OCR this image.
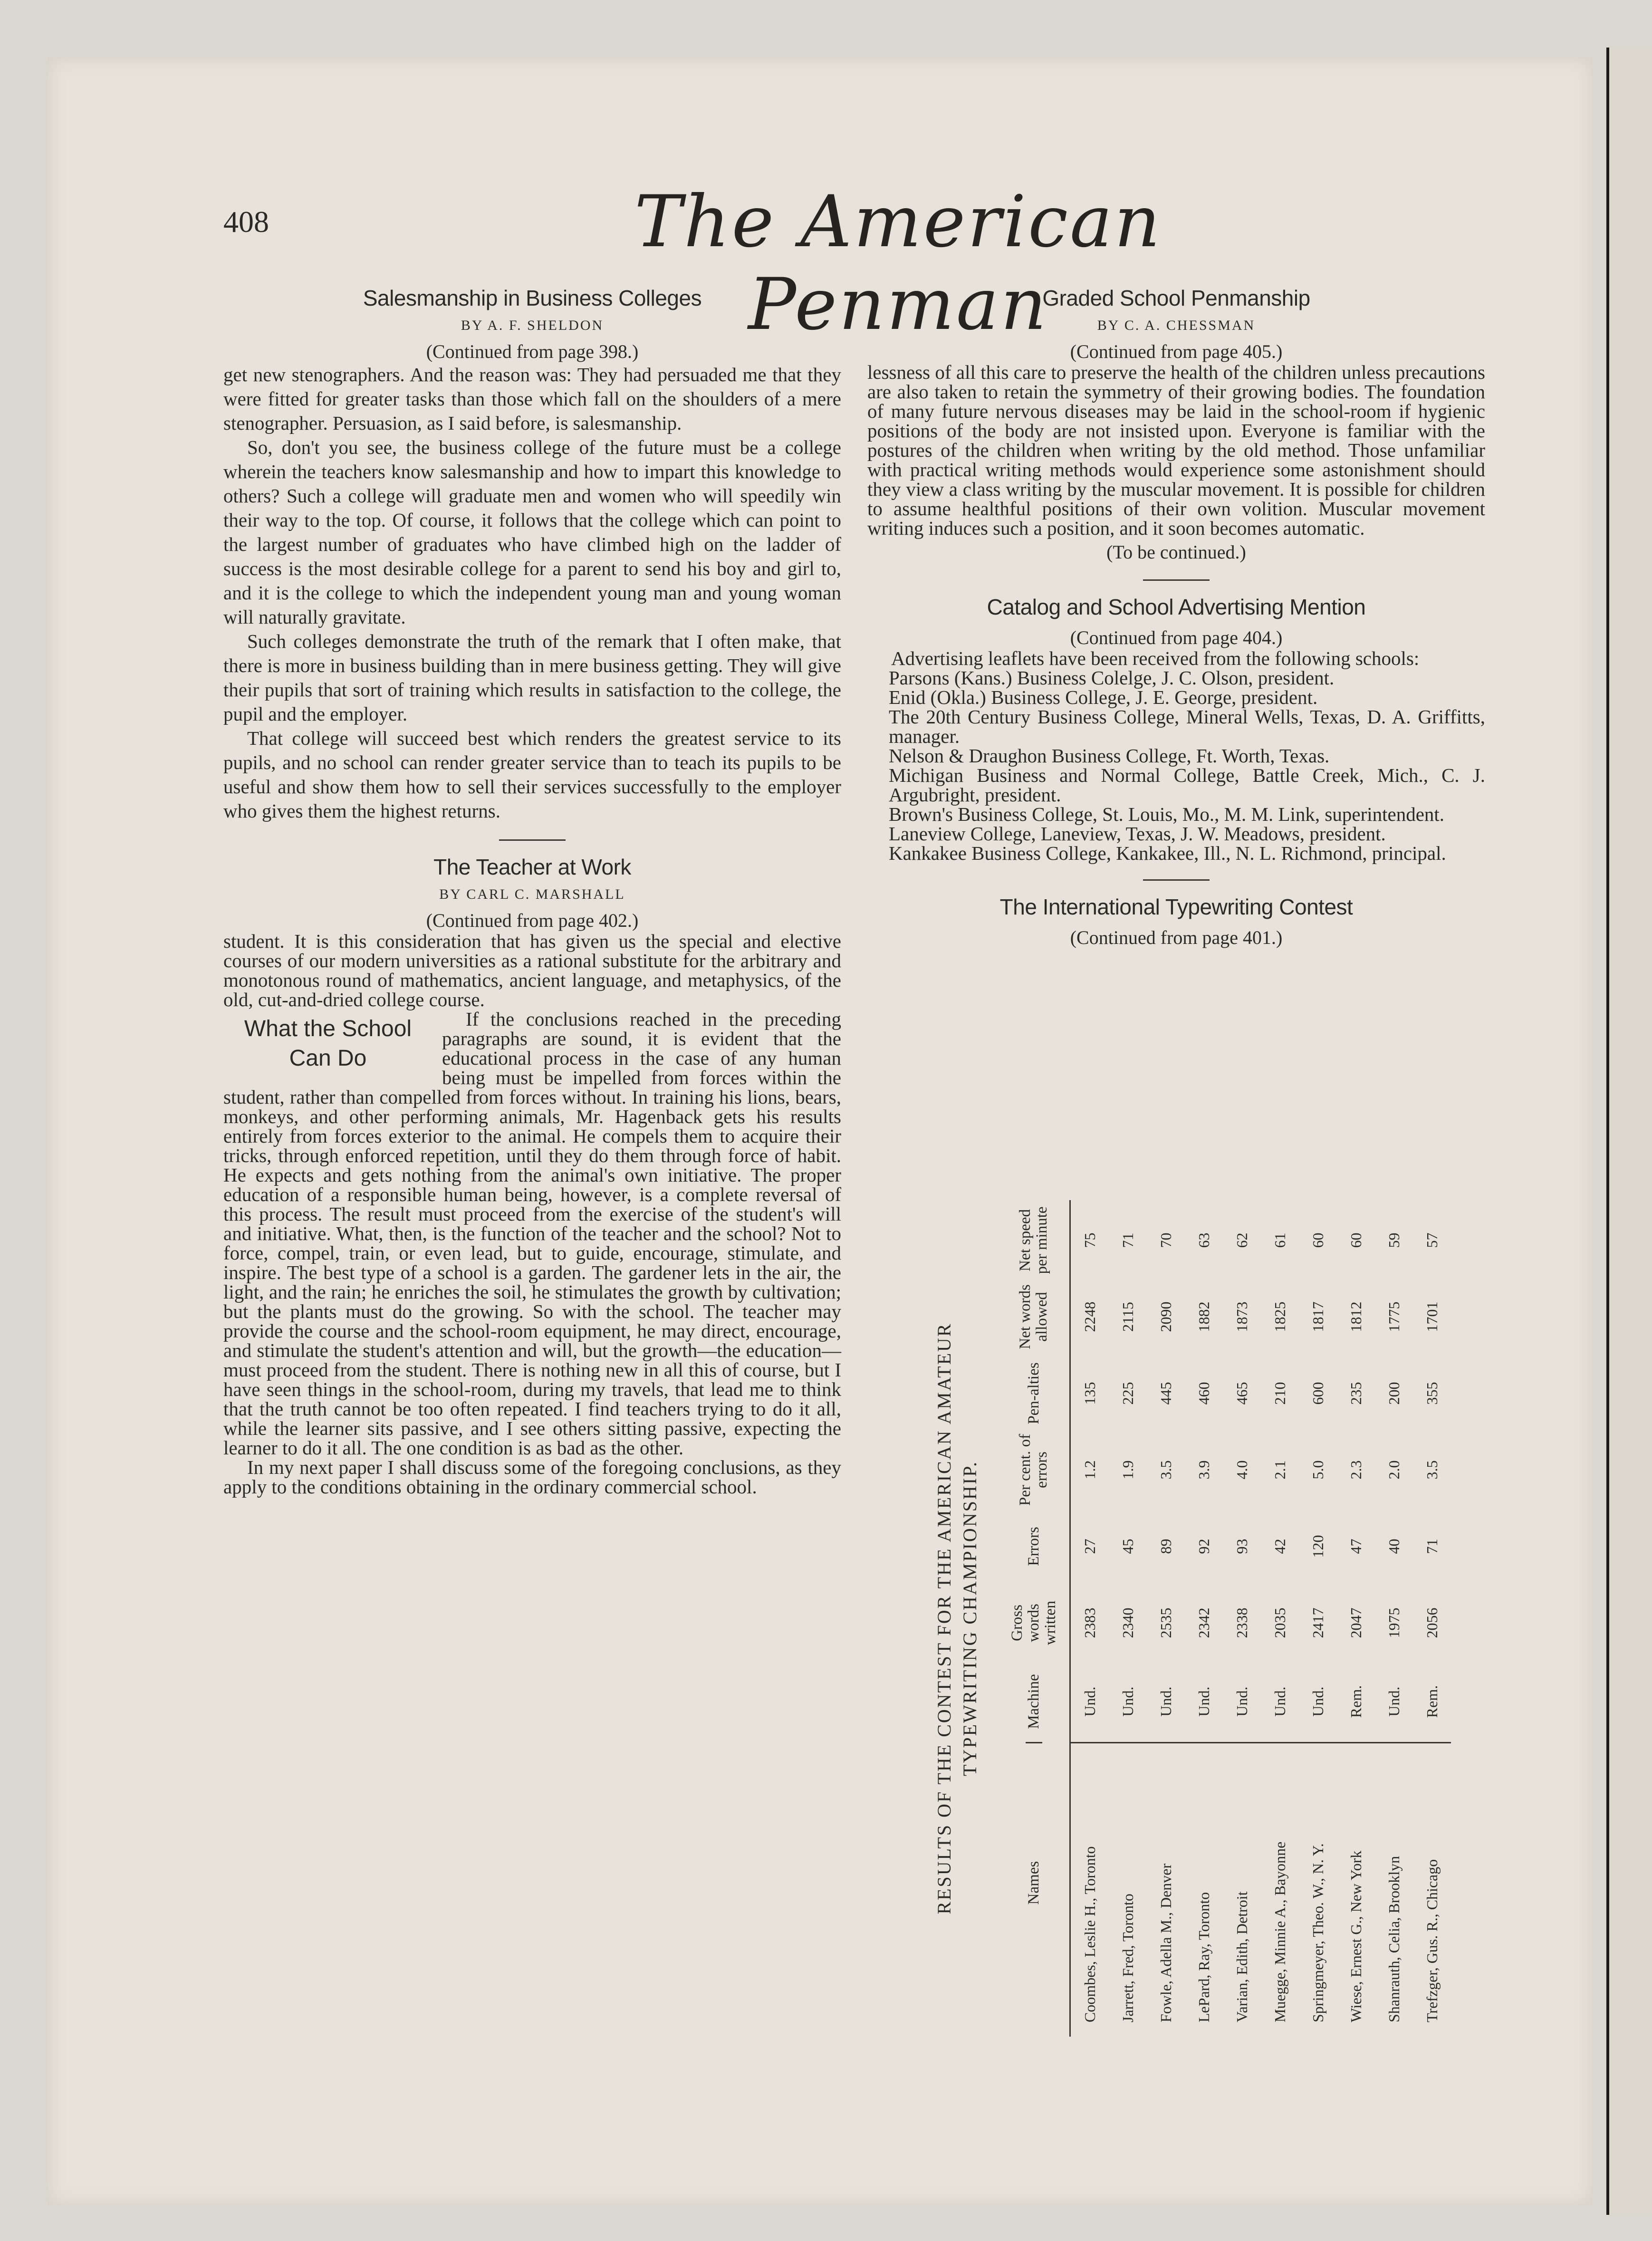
408	The American Penman
Salesmanship in Business Colleges
BY A. F. SHELDON
(Continued from page 398.)

get new stenographers. And the reason was: They had persuaded me that they were fitted for greater tasks than those which fall on the shoulders of a mere stenographer. Persuasion, as I said before, is salesmanship.

So, don't you see, the business college of the future must be a college wherein the teachers know salesmanship and how to impart this knowledge to others? Such a college will graduate men and women who will speedily win their way to the top. Of course, it follows that the college which can point to the largest number of graduates who have climbed high on the ladder of success is the most desirable college for a parent to send his boy and girl to, and it is the college to which the independent young man and young woman will naturally gravitate.

Such colleges demonstrate the truth of the remark that I often make, that there is more in business building than in mere business getting. They will give their pupils that sort of training which results in satisfaction to the college, the pupil and the employer.

That college will succeed best which renders the greatest service to its pupils, and no school can render greater service than to teach its pupils to be useful and show them how to sell their services successfully to the employer who gives them the highest returns.

The Teacher at Work
BY CARL C. MARSHALL
(Continued from page 402.)

student. It is this consideration that has given us the special and elective courses of our modern universities as a rational substitute for the arbitrary and monotonous round of mathematics, ancient language, and metaphysics, of the old, cut-and-dried college course.

What the School
Can Do

If the conclusions reached in the preceding paragraphs are sound, it is evident that the educational process in the case of any human being must be impelled from forces within the student, rather than compelled from forces without. In training his lions, bears, monkeys, and other performing animals, Mr. Hagenback gets his results entirely from forces exterior to the animal. He compels them to acquire their tricks, through enforced repetition, until they do them through force of habit. He expects and gets nothing from the animal's own initiative. The proper education of a responsible human being, however, is a complete reversal of this process. The result must proceed from the exercise of the student's will and initiative. What, then, is the function of the teacher and the school? Not to force, compel, train, or even lead, but to guide, encourage, stimulate, and inspire. The best type of a school is a garden. The gardener lets in the air, the light, and the rain; he enriches the soil, he stimulates the growth by cultivation; but the plants must do the growing. So with the school. The teacher may provide the course and the school-room equipment, he may direct, encourage, and stimulate the student's attention and will, but the growth—the education—must proceed from the student. There is nothing new in all this of course, but I have seen things in the school-room, during my travels, that lead me to think that the truth cannot be too often repeated. I find teachers trying to do it all, while the learner sits passive, and I see others sitting passive, expecting the learner to do it all. The one condition is as bad as the other.

In my next paper I shall discuss some of the foregoing conclusions, as they apply to the conditions obtaining in the ordinary commercial school.

Graded School Penmanship
BY C. A. CHESSMAN
(Continued from page 405.)

lessness of all this care to preserve the health of the children unless precautions are also taken to retain the symmetry of their growing bodies. The foundation of many future nervous diseases may be laid in the school-room if hygienic positions of the body are not insisted upon. Everyone is familiar with the postures of the children when writing by the old method. Those unfamiliar with practical writing methods would experience some astonishment should they view a class writing by the muscular movement. It is possible for children to assume healthful positions of their own volition. Muscular movement writing induces such a position, and it soon becomes automatic.

(To be continued.)
Catalog and School Advertising Mention
(Continued from page 404.)

Advertising leaflets have been received from the following schools:

Parsons (Kans.) Business Colelge, J. C. Olson, president.
Enid (Okla.) Business College, J. E. George, president.
The 20th Century Business College, Mineral Wells, Texas, D. A. Griffitts, manager.
Nelson & Draughon Business College, Ft. Worth, Texas.
Michigan Business and Normal College, Battle Creek, Mich., C. J. Argubright, president.
Brown's Business College, St. Louis, Mo., M. M. Link, superintendent.
Laneview College, Laneview, Texas, J. W. Meadows, president.
Kankakee Business College, Kankakee, Ill., N. L. Richmond, principal.
The International Typewriting Contest
(Continued from page 401.)
RESULTS OF THE CONTEST FOR THE AMERICAN AMATEUR TYPEWRITING CHAMPIONSHIP.
Names
Machine
Gross words written
Errors
Per cent. of errors
Pen-alties
Net words allowed
Net speed per minute
Coombes, Leslie H., Toronto
Und.
2383
27
1.2
135
2248
75
Jarrett, Fred, Toronto
Und.
2340
45
1.9
225
2115
71
Fowle, Adella M., Denver
Und.
2535
89
3.5
445
2090
70
LePard, Ray, Toronto
Und.
2342
92
3.9
460
1882
63
Varian, Edith, Detroit
Und.
2338
93
4.0
465
1873
62
Muegge, Minnie A., Bayonne
Und.
2035
42
2.1
210
1825
61
Springmeyer, Theo. W., N. Y.
Und.
2417
120
5.0
600
1817
60
Wiese, Ernest G., New York
Rem.
2047
47
2.3
235
1812
60
Shanrauth, Celia, Brooklyn
Und.
1975
40
2.0
200
1775
59
Trefzger, Gus. R., Chicago
Rem.
2056
71
3.5
355
1701
57
